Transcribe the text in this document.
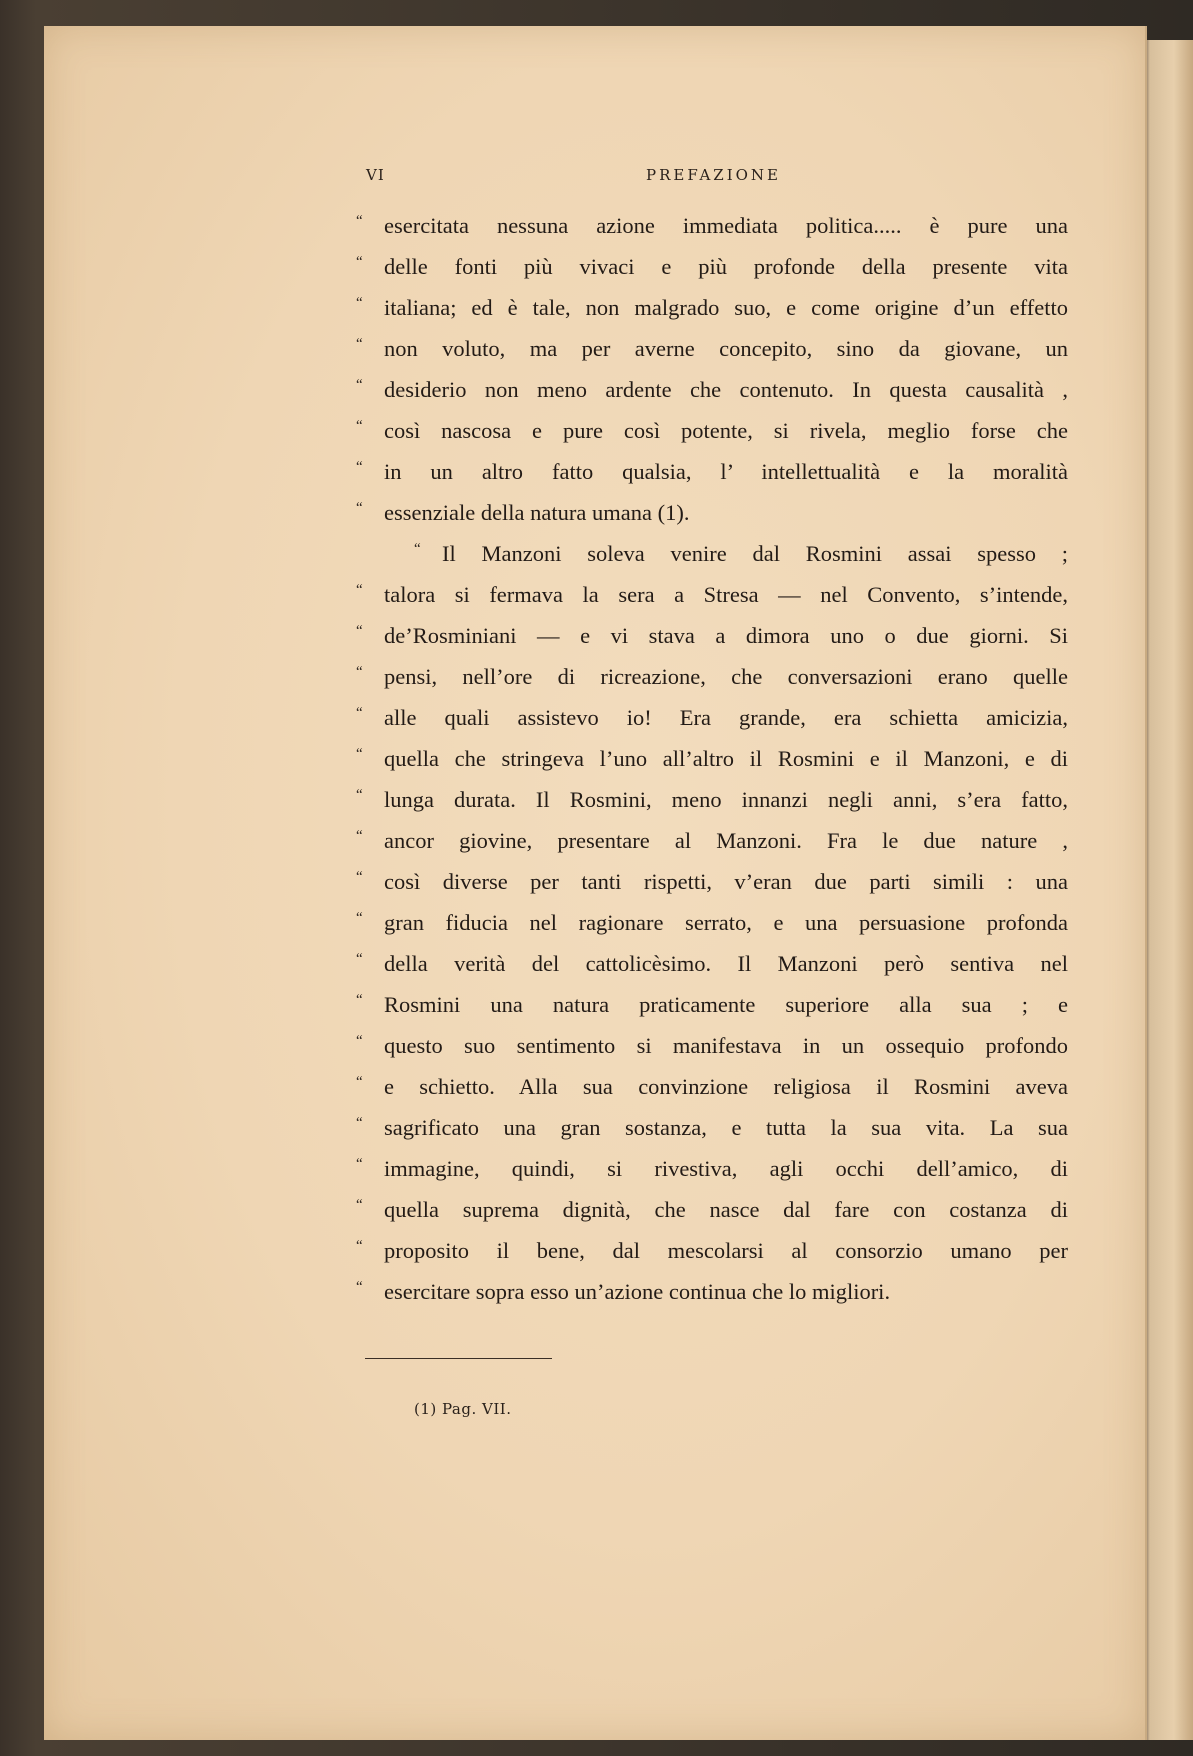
VI	PREFAZIONE
“ esercitata nessuna azione immediata politica..... è pure una
“ delle fonti più vivaci e più profonde della presente vita
“ italiana; ed è tale, non malgrado suo, e come origine d’un effetto
“ non voluto, ma per averne concepito, sino da giovane, un
“ desiderio non meno ardente che contenuto. In questa causalità ,
“ così nascosa e pure così potente, si rivela, meglio forse che
“ in un altro fatto qualsia, l’ intellettualità e la moralità
“ essenziale della natura umana (1).
“ Il Manzoni soleva venire dal Rosmini assai spesso ;
“ talora si fermava la sera a Stresa — nel Convento, s’intende,
“ de’Rosminiani — e vi stava a dimora uno o due giorni. Si
“ pensi, nell’ore di ricreazione, che conversazioni erano quelle
“ alle quali assistevo io! Era grande, era schietta amicizia,
“ quella che stringeva l’uno all’altro il Rosmini e il Manzoni, e di
“ lunga durata. Il Rosmini, meno innanzi negli anni, s’era fatto,
“ ancor giovine, presentare al Manzoni. Fra le due nature ,
“ così diverse per tanti rispetti, v’eran due parti simili : una
“ gran fiducia nel ragionare serrato, e una persuasione profonda
“ della verità del cattolicèsimo. Il Manzoni però sentiva nel
“ Rosmini una natura praticamente superiore alla sua ; e
“ questo suo sentimento si manifestava in un ossequio profondo
“ e schietto. Alla sua convinzione religiosa il Rosmini aveva
“ sagrificato una gran sostanza, e tutta la sua vita. La sua
“ immagine, quindi, si rivestiva, agli occhi dell’amico, di
“ quella suprema dignità, che nasce dal fare con costanza di
“ proposito il bene, dal mescolarsi al consorzio umano per
“ esercitare sopra esso un’azione continua che lo migliori.
(1) Pag. VII.
